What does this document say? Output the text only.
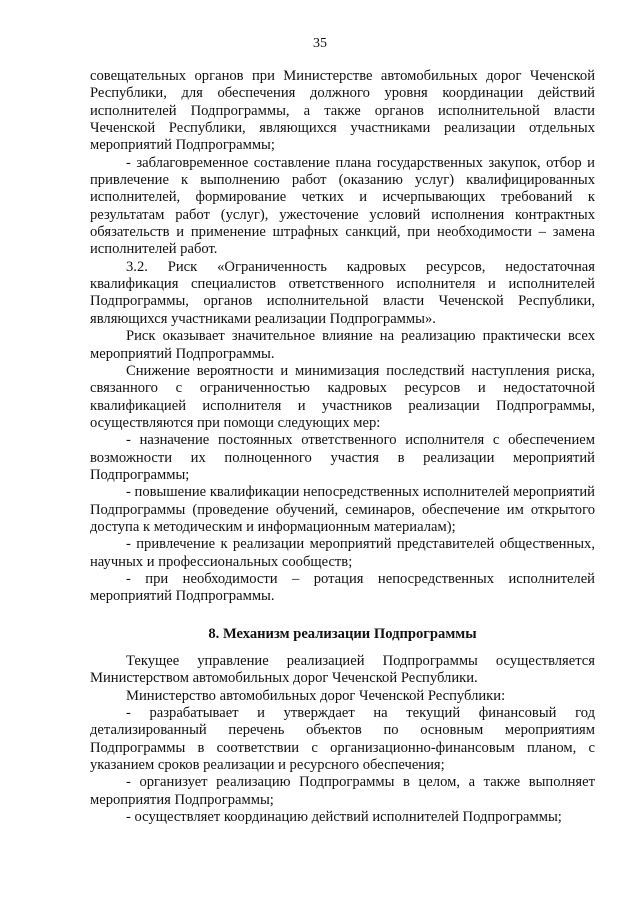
35

совещательных органов при Министерстве автомобильных дорог Чеченской Республики, для обеспечения должного уровня координации действий исполнителей Подпрограммы, а также органов исполнительной власти Чеченской Республики, являющихся участниками реализации отдельных мероприятий Подпрограммы;

- заблаговременное составление плана государственных закупок, отбор и привлечение к выполнению работ (оказанию услуг) квалифицированных исполнителей, формирование четких и исчерпывающих требований к результатам работ (услуг), ужесточение условий исполнения контрактных обязательств и применение штрафных санкций, при необходимости – замена исполнителей работ.

3.2. Риск «Ограниченность кадровых ресурсов, недостаточная квалификация специалистов ответственного исполнителя и исполнителей Подпрограммы, органов исполнительной власти Чеченской Республики, являющихся участниками реализации Подпрограммы».

Риск оказывает значительное влияние на реализацию практически всех мероприятий Подпрограммы.

Снижение вероятности и минимизация последствий наступления риска, связанного с ограниченностью кадровых ресурсов и недостаточной квалификацией исполнителя и участников реализации Подпрограммы, осуществляются при помощи следующих мер:

- назначение постоянных ответственного исполнителя с обеспечением возможности их полноценного участия в реализации мероприятий Подпрограммы;

- повышение квалификации непосредственных исполнителей мероприятий Подпрограммы (проведение обучений, семинаров, обеспечение им открытого доступа к методическим и информационным материалам);

- привлечение к реализации мероприятий представителей общественных, научных и профессиональных сообществ;

- при необходимости – ротация непосредственных исполнителей мероприятий Подпрограммы.

8. Механизм реализации Подпрограммы

Текущее управление реализацией Подпрограммы осуществляется Министерством автомобильных дорог Чеченской Республики.

Министерство автомобильных дорог Чеченской Республики:

- разрабатывает и утверждает на текущий финансовый год детализированный перечень объектов по основным мероприятиям Подпрограммы в соответствии с организационно-финансовым планом, с указанием сроков реализации и ресурсного обеспечения;

- организует реализацию Подпрограммы в целом, а также выполняет мероприятия Подпрограммы;

- осуществляет координацию действий исполнителей Подпрограммы;
